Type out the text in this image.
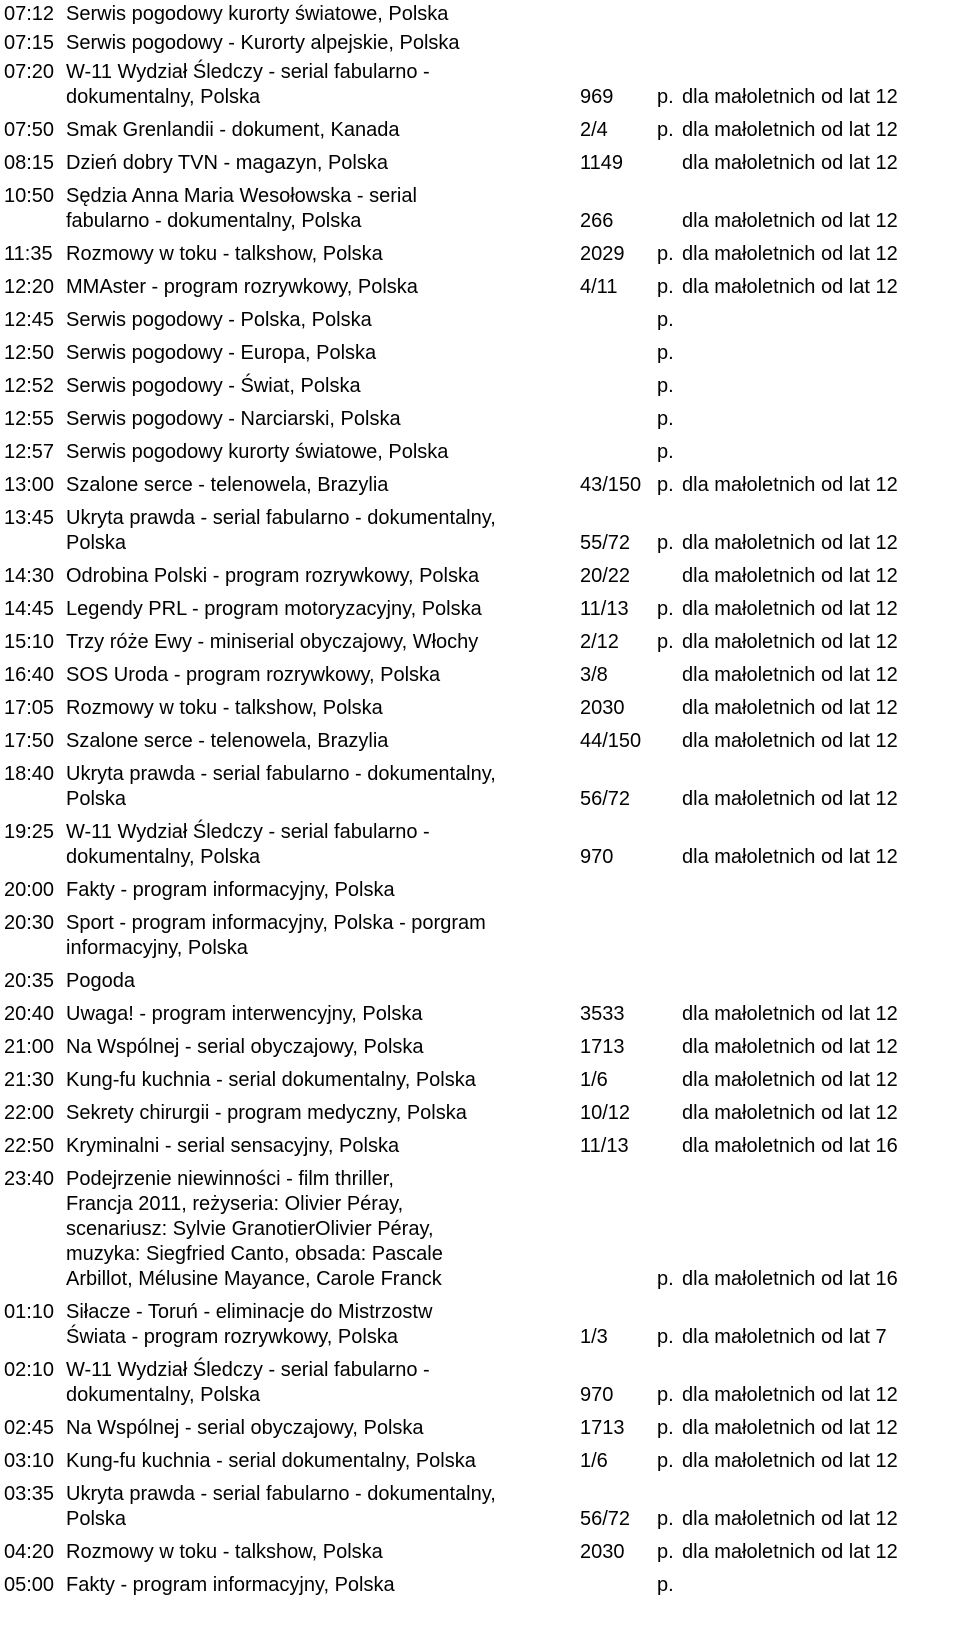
07:12 Serwis pogodowy kurorty światowe, Polska
07:15 Serwis pogodowy - Kurorty alpejskie, Polska
07:20 W-11 Wydział Śledczy - serial fabularno -
dokumentalny, Polska	969	p. dla małoletnich od lat 12
07:50 Smak Grenlandii - dokument, Kanada	2/4	p. dla małoletnich od lat 12
08:15 Dzień dobry TVN - magazyn, Polska	1149	dla małoletnich od lat 12
10:50 Sędzia Anna Maria Wesołowska - serial
fabularno - dokumentalny, Polska	266	dla małoletnich od lat 12
11:35 Rozmowy w toku - talkshow, Polska	2029	p. dla małoletnich od lat 12
12:20 MMAster - program rozrywkowy, Polska	4/11	p. dla małoletnich od lat 12
12:45 Serwis pogodowy - Polska, Polska	p.
12:50 Serwis pogodowy - Europa, Polska	p.
12:52 Serwis pogodowy - Świat, Polska	p.
12:55 Serwis pogodowy - Narciarski, Polska	p.
12:57 Serwis pogodowy kurorty światowe, Polska	p.
13:00 Szalone serce - telenowela, Brazylia	43/150 p. dla małoletnich od lat 12
13:45 Ukryta prawda - serial fabularno - dokumentalny,
Polska	55/72	p. dla małoletnich od lat 12
14:30 Odrobina Polski - program rozrywkowy, Polska	20/22	dla małoletnich od lat 12
14:45 Legendy PRL - program motoryzacyjny, Polska	11/13	p. dla małoletnich od lat 12
15:10 Trzy róże Ewy - miniserial obyczajowy, Włochy	2/12	p. dla małoletnich od lat 12
16:40 SOS Uroda - program rozrywkowy, Polska	3/8	dla małoletnich od lat 12
17:05 Rozmowy w toku - talkshow, Polska	2030	dla małoletnich od lat 12
17:50 Szalone serce - telenowela, Brazylia	44/150	dla małoletnich od lat 12
18:40 Ukryta prawda - serial fabularno - dokumentalny,
Polska	56/72	dla małoletnich od lat 12
19:25 W-11 Wydział Śledczy - serial fabularno -
dokumentalny, Polska	970	dla małoletnich od lat 12
20:00 Fakty - program informacyjny, Polska
20:30 Sport - program informacyjny, Polska - porgram
informacyjny, Polska
20:35 Pogoda
20:40 Uwaga! - program interwencyjny, Polska	3533	dla małoletnich od lat 12
21:00 Na Wspólnej - serial obyczajowy, Polska	1713	dla małoletnich od lat 12
21:30 Kung-fu kuchnia - serial dokumentalny, Polska	1/6	dla małoletnich od lat 12
22:00 Sekrety chirurgii - program medyczny, Polska	10/12	dla małoletnich od lat 12
22:50 Kryminalni - serial sensacyjny, Polska	11/13	dla małoletnich od lat 16
23:40 Podejrzenie niewinności - film thriller,
Francja 2011, reżyseria: Olivier Péray,
scenariusz: Sylvie GranotierOlivier Péray,
muzyka: Siegfried Canto, obsada: Pascale
Arbillot, Mélusine Mayance, Carole Franck	p. dla małoletnich od lat 16
01:10 Siłacze - Toruń - eliminacje do Mistrzostw
Świata - program rozrywkowy, Polska	1/3	p. dla małoletnich od lat 7
02:10 W-11 Wydział Śledczy - serial fabularno -
dokumentalny, Polska	970	p. dla małoletnich od lat 12
02:45 Na Wspólnej - serial obyczajowy, Polska	1713	p. dla małoletnich od lat 12
03:10 Kung-fu kuchnia - serial dokumentalny, Polska	1/6	p. dla małoletnich od lat 12
03:35 Ukryta prawda - serial fabularno - dokumentalny,
Polska	56/72	p. dla małoletnich od lat 12
04:20 Rozmowy w toku - talkshow, Polska	2030	p. dla małoletnich od lat 12
05:00 Fakty - program informacyjny, Polska	p.
